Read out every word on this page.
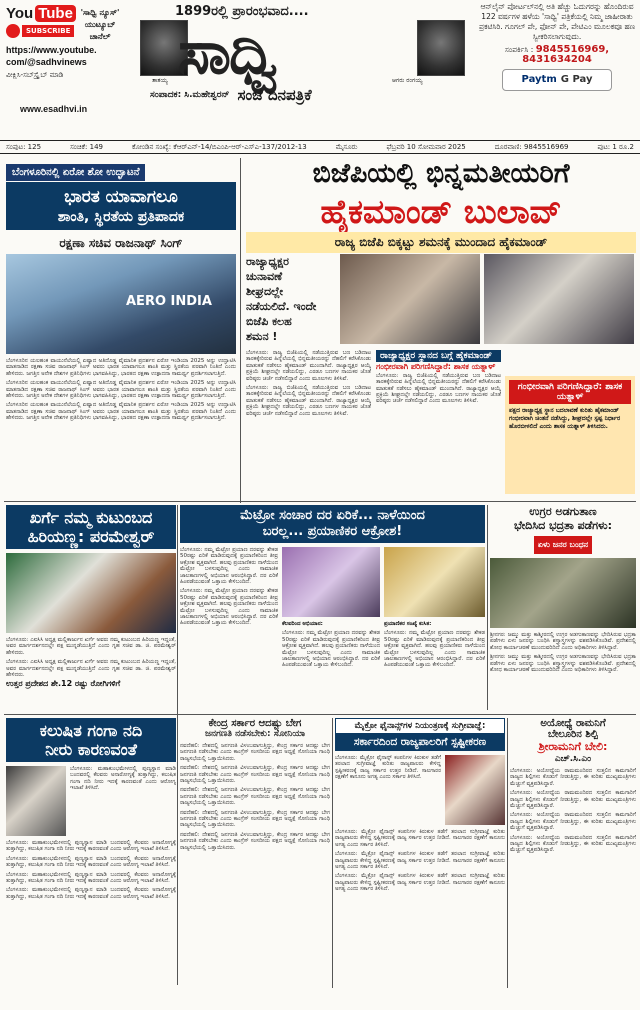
You Tube
SUBSCRIBE
'ಸಾಧ್ವಿ ನ್ಯೂಸ್'
ಯುಟ್ಯೂಬ್
ಚಾನೆಲ್
https://www.youtube.
com/@sadhvinews
ವೀಕ್ಷಿಸಿ-ಸಬ್‌ಸ್ಕ್ರೈಬ್ ಮಾಡಿ
www.esadhvi.in
1899ರಲ್ಲಿ ಪ್ರಾರಂಭವಾದ....
ತಾತಯ್ಯ ಸಾಧ್ವಿ	ಆಗರು ರಂಗಯ್ಯ
ಸಂಪಾದಕ: ಸಿ.ಮಹೇಶ್ವರನ್ ಸಂಜೆ ದಿನಪತ್ರಿಕೆ
ಆನ್‌ಲೈನ್ ಪೋರ್ಟಲ್‌ನಲ್ಲಿ ಅತಿ ಹೆಚ್ಚು ಓದುಗರನ್ನು ಹೊಂದಿರುವ 122 ವರ್ಷಗಳ ಹಳೆಯ 'ಸಾಧ್ವಿ' ಪತ್ರಿಕೆಯಲ್ಲಿ ನಿಮ್ಮ ಜಾಹೀರಾತು ಪ್ರಕಟಿಸಿರಿ. ಗೂಗಲ್ ಪೇ, ಫೋನ್ ಪೇ, ಪೇಟಿಎಂ ಮೂಲಕವೂ ಹಣ ಸ್ವೀಕರಿಸಲಾಗುವುದು.
ಸಂಪರ್ಕಿಸಿ : 9845516969,
8431634204
Paytm G Pay
ಸಂಪುಟ: 125	ಸಂಚಿಕೆ: 149	ಕೋಂಡಿನ ಸಂಖ್ಯೆ: ಕೆಆರ್‌ಎನ್-14/ಬಿಎಂಪಿ-ಆರ್-ಎಸ್ಎ-137/2012-13	ಮೈಸೂರು	ಫೆಬ್ರವರಿ 10 ಸೋಮವಾರ 2025	ದೂರವಾಣಿ: 9845516969	ಪುಟ: 1 ರೂ.2
ಬೆಂಗಳೂರಿನಲ್ಲಿ ಏರೋ ಶೋ ಉದ್ಘಾಟನೆ
ಭಾರತ ಯಾವಾಗಲೂ
ಶಾಂತಿ, ಸ್ಥಿರತೆಯ ಪ್ರತಿಪಾದಕ
ರಕ್ಷಣಾ ಸಚಿವ ರಾಜನಾಥ್ ಸಿಂಗ್
AERO INDIA

ಬೆಂಗಳೂರಿನ ಯಲಹಂಕ ವಾಯುನೆಲೆಯಲ್ಲಿ ಏಷ್ಯಾದ ಅತಿದೊಡ್ಡ ವೈಮಾನಿಕ ಪ್ರದರ್ಶನ ಏರೋ ಇಂಡಿಯಾ 2025 ಅನ್ನು ಉದ್ಘಾಟಿಸಿ ಮಾತನಾಡಿದ ರಕ್ಷಣಾ ಸಚಿವ ರಾಜನಾಥ್ ಸಿಂಗ್ ಅವರು ಭಾರತ ಯಾವಾಗಲೂ ಶಾಂತಿ ಮತ್ತು ಸ್ಥಿರತೆಯ ಪರವಾಗಿ ನಿಂತಿದೆ ಎಂದು ಹೇಳಿದರು. ಜಗತ್ತಿನ ಅನೇಕ ದೇಶಗಳ ಪ್ರತಿನಿಧಿಗಳು ಭಾಗವಹಿಸಿದ್ದು, ಭಾರತದ ರಕ್ಷಣಾ ಉತ್ಪಾದನಾ ಸಾಮರ್ಥ್ಯ ಪ್ರದರ್ಶಿಸಲಾಗುತ್ತಿದೆ.

ಬೆಂಗಳೂರಿನ ಯಲಹಂಕ ವಾಯುನೆಲೆಯಲ್ಲಿ ಏಷ್ಯಾದ ಅತಿದೊಡ್ಡ ವೈಮಾನಿಕ ಪ್ರದರ್ಶನ ಏರೋ ಇಂಡಿಯಾ 2025 ಅನ್ನು ಉದ್ಘಾಟಿಸಿ ಮಾತನಾಡಿದ ರಕ್ಷಣಾ ಸಚಿವ ರಾಜನಾಥ್ ಸಿಂಗ್ ಅವರು ಭಾರತ ಯಾವಾಗಲೂ ಶಾಂತಿ ಮತ್ತು ಸ್ಥಿರತೆಯ ಪರವಾಗಿ ನಿಂತಿದೆ ಎಂದು ಹೇಳಿದರು. ಜಗತ್ತಿನ ಅನೇಕ ದೇಶಗಳ ಪ್ರತಿನಿಧಿಗಳು ಭಾಗವಹಿಸಿದ್ದು, ಭಾರತದ ರಕ್ಷಣಾ ಉತ್ಪಾದನಾ ಸಾಮರ್ಥ್ಯ ಪ್ರದರ್ಶಿಸಲಾಗುತ್ತಿದೆ.

ಬೆಂಗಳೂರಿನ ಯಲಹಂಕ ವಾಯುನೆಲೆಯಲ್ಲಿ ಏಷ್ಯಾದ ಅತಿದೊಡ್ಡ ವೈಮಾನಿಕ ಪ್ರದರ್ಶನ ಏರೋ ಇಂಡಿಯಾ 2025 ಅನ್ನು ಉದ್ಘಾಟಿಸಿ ಮಾತನಾಡಿದ ರಕ್ಷಣಾ ಸಚಿವ ರಾಜನಾಥ್ ಸಿಂಗ್ ಅವರು ಭಾರತ ಯಾವಾಗಲೂ ಶಾಂತಿ ಮತ್ತು ಸ್ಥಿರತೆಯ ಪರವಾಗಿ ನಿಂತಿದೆ ಎಂದು ಹೇಳಿದರು. ಜಗತ್ತಿನ ಅನೇಕ ದೇಶಗಳ ಪ್ರತಿನಿಧಿಗಳು ಭಾಗವಹಿಸಿದ್ದು, ಭಾರತದ ರಕ್ಷಣಾ ಉತ್ಪಾದನಾ ಸಾಮರ್ಥ್ಯ ಪ್ರದರ್ಶಿಸಲಾಗುತ್ತಿದೆ.

ಬಿಜೆಪಿಯಲ್ಲಿ ಭಿನ್ನಮತೀಯರಿಗೆ
ಹೈಕಮಾಂಡ್ ಬುಲಾವ್
ರಾಜ್ಯ ಬಿಜೆಪಿ ಬಿಕ್ಕಟ್ಟು ಶಮನಕ್ಕೆ ಮುಂದಾದ ಹೈಕಮಾಂಡ್
ರಾಜ್ಯಾಧ್ಯಕ್ಷರ
ಚುನಾವಣೆ
ಶೀಘ್ರದಲ್ಲೇ
ನಡೆಯಲಿದೆ. ಇಂದೇ
ಬಿಜೆಪಿ ಕಲಹ
ಶಮನ !

ಬೆಂಗಳೂರು: ರಾಜ್ಯ ಬಿಜೆಪಿಯಲ್ಲಿ ನಡೆಯುತ್ತಿರುವ ಬಣ ಬಡಿದಾಟ ತಾರಕಕ್ಕೇರಿರುವ ಹಿನ್ನೆಲೆಯಲ್ಲಿ ಭಿನ್ನಮತೀಯರನ್ನು ದೆಹಲಿಗೆ ಕರೆಸಿಕೊಂಡು ಮಾತುಕತೆ ನಡೆಸಲು ಹೈಕಮಾಂಡ್ ಮುಂದಾಗಿದೆ. ರಾಜ್ಯಾಧ್ಯಕ್ಷರ ಆಯ್ಕೆ ಪ್ರಕ್ರಿಯೆ ಶೀಘ್ರದಲ್ಲೇ ನಡೆಯಲಿದ್ದು, ಎರಡೂ ಬಣಗಳ ನಾಯಕರ ಜೊತೆ ವರಿಷ್ಠರು ಚರ್ಚೆ ನಡೆಸಲಿದ್ದಾರೆ ಎಂದು ಮೂಲಗಳು ತಿಳಿಸಿವೆ.

ಬೆಂಗಳೂರು: ರಾಜ್ಯ ಬಿಜೆಪಿಯಲ್ಲಿ ನಡೆಯುತ್ತಿರುವ ಬಣ ಬಡಿದಾಟ ತಾರಕಕ್ಕೇರಿರುವ ಹಿನ್ನೆಲೆಯಲ್ಲಿ ಭಿನ್ನಮತೀಯರನ್ನು ದೆಹಲಿಗೆ ಕರೆಸಿಕೊಂಡು ಮಾತುಕತೆ ನಡೆಸಲು ಹೈಕಮಾಂಡ್ ಮುಂದಾಗಿದೆ. ರಾಜ್ಯಾಧ್ಯಕ್ಷರ ಆಯ್ಕೆ ಪ್ರಕ್ರಿಯೆ ಶೀಘ್ರದಲ್ಲೇ ನಡೆಯಲಿದ್ದು, ಎರಡೂ ಬಣಗಳ ನಾಯಕರ ಜೊತೆ ವರಿಷ್ಠರು ಚರ್ಚೆ ನಡೆಸಲಿದ್ದಾರೆ ಎಂದು ಮೂಲಗಳು ತಿಳಿಸಿವೆ.

ರಾಜ್ಯಾಧ್ಯಕ್ಷರ ಸ್ಥಾನದ ಬಗ್ಗೆ ಹೈಕಮಾಂಡ್
ಗಂಭೀರವಾಗಿ ಪರಿಗಣಿಸಿದ್ದಾರೆ: ಶಾಸಕ ಯತ್ನಾಳ್

ಬೆಂಗಳೂರು: ರಾಜ್ಯ ಬಿಜೆಪಿಯಲ್ಲಿ ನಡೆಯುತ್ತಿರುವ ಬಣ ಬಡಿದಾಟ ತಾರಕಕ್ಕೇರಿರುವ ಹಿನ್ನೆಲೆಯಲ್ಲಿ ಭಿನ್ನಮತೀಯರನ್ನು ದೆಹಲಿಗೆ ಕರೆಸಿಕೊಂಡು ಮಾತುಕತೆ ನಡೆಸಲು ಹೈಕಮಾಂಡ್ ಮುಂದಾಗಿದೆ. ರಾಜ್ಯಾಧ್ಯಕ್ಷರ ಆಯ್ಕೆ ಪ್ರಕ್ರಿಯೆ ಶೀಘ್ರದಲ್ಲೇ ನಡೆಯಲಿದ್ದು, ಎರಡೂ ಬಣಗಳ ನಾಯಕರ ಜೊತೆ ವರಿಷ್ಠರು ಚರ್ಚೆ ನಡೆಸಲಿದ್ದಾರೆ ಎಂದು ಮೂಲಗಳು ತಿಳಿಸಿವೆ.

ಗಂಭೀರವಾಗಿ ಪರಿಗಣಿಸಿದ್ದಾರೆ: ಶಾಸಕ ಯತ್ನಾಳ್
ಪಕ್ಷದ ರಾಜ್ಯಾಧ್ಯಕ್ಷ ಸ್ಥಾನ ಬದಲಾವಣೆ ಕುರಿತು ಹೈಕಮಾಂಡ್ ಗಂಭೀರವಾಗಿ ಚಿಂತನೆ ನಡೆಸಿದ್ದು, ಶೀಘ್ರದಲ್ಲೇ ಸ್ಪಷ್ಟ ನಿರ್ಧಾರ ಹೊರಬೀಳಲಿದೆ ಎಂದು ಶಾಸಕ ಯತ್ನಾಳ್ ತಿಳಿಸಿದರು.
ಖರ್ಗೆ ನಮ್ಮ ಕುಟುಂಬದ
ಹಿರಿಯಣ್ಣ: ಪರಮೇಶ್ವರ್

ಬೆಂಗಳೂರು: ಎಐಸಿಸಿ ಅಧ್ಯಕ್ಷ ಮಲ್ಲಿಕಾರ್ಜುನ ಖರ್ಗೆ ಅವರು ನಮ್ಮ ಕುಟುಂಬದ ಹಿರಿಯಣ್ಣ ಇದ್ದಂತೆ, ಅವರ ಮಾರ್ಗದರ್ಶನದಲ್ಲೇ ಪಕ್ಷ ಮುನ್ನಡೆಯುತ್ತಿದೆ ಎಂದು ಗೃಹ ಸಚಿವ ಡಾ. ಜಿ. ಪರಮೇಶ್ವರ್ ಹೇಳಿದರು.

ಬೆಂಗಳೂರು: ಎಐಸಿಸಿ ಅಧ್ಯಕ್ಷ ಮಲ್ಲಿಕಾರ್ಜುನ ಖರ್ಗೆ ಅವರು ನಮ್ಮ ಕುಟುಂಬದ ಹಿರಿಯಣ್ಣ ಇದ್ದಂತೆ, ಅವರ ಮಾರ್ಗದರ್ಶನದಲ್ಲೇ ಪಕ್ಷ ಮುನ್ನಡೆಯುತ್ತಿದೆ ಎಂದು ಗೃಹ ಸಚಿವ ಡಾ. ಜಿ. ಪರಮೇಶ್ವರ್ ಹೇಳಿದರು.

ಉತ್ತರ ಪ್ರದೇಶದ ಶೇ.12 ರಷ್ಟು ರೋಗಿಗಳಿಗೆ

ಮೆಟ್ರೋ ಸಂಚಾರ ದರ ಏರಿಕೆ... ನಾಳೆಯಿಂದ
ಬರಲ್ಲ... ಪ್ರಯಾಣಿಕರ ಆಕ್ರೋಶ!

ಬೆಂಗಳೂರು: ನಮ್ಮ ಮೆಟ್ರೋ ಪ್ರಯಾಣ ದರವನ್ನು ಶೇಕಡ 50ರಷ್ಟು ಏರಿಕೆ ಮಾಡಿರುವುದಕ್ಕೆ ಪ್ರಯಾಣಿಕರಿಂದ ತೀವ್ರ ಆಕ್ರೋಶ ವ್ಯಕ್ತವಾಗಿದೆ. ಹಲವು ಪ್ರಯಾಣಿಕರು ನಾಳೆಯಿಂದ ಮೆಟ್ರೋ ಬಳಸುವುದಿಲ್ಲ ಎಂದು ಸಾಮಾಜಿಕ ಜಾಲತಾಣಗಳಲ್ಲಿ ಅಭಿಯಾನ ಆರಂಭಿಸಿದ್ದಾರೆ. ದರ ಏರಿಕೆ ಹಿಂಪಡೆಯುವಂತೆ ಒತ್ತಾಯ ಕೇಳಿಬಂದಿದೆ.

ಬೆಂಗಳೂರು: ನಮ್ಮ ಮೆಟ್ರೋ ಪ್ರಯಾಣ ದರವನ್ನು ಶೇಕಡ 50ರಷ್ಟು ಏರಿಕೆ ಮಾಡಿರುವುದಕ್ಕೆ ಪ್ರಯಾಣಿಕರಿಂದ ತೀವ್ರ ಆಕ್ರೋಶ ವ್ಯಕ್ತವಾಗಿದೆ. ಹಲವು ಪ್ರಯಾಣಿಕರು ನಾಳೆಯಿಂದ ಮೆಟ್ರೋ ಬಳಸುವುದಿಲ್ಲ ಎಂದು ಸಾಮಾಜಿಕ ಜಾಲತಾಣಗಳಲ್ಲಿ ಅಭಿಯಾನ ಆರಂಭಿಸಿದ್ದಾರೆ. ದರ ಏರಿಕೆ ಹಿಂಪಡೆಯುವಂತೆ ಒತ್ತಾಯ ಕೇಳಿಬಂದಿದೆ.	ಕೆಲವರಿಂದ ಅಭಿಯಾನ:

ಬೆಂಗಳೂರು: ನಮ್ಮ ಮೆಟ್ರೋ ಪ್ರಯಾಣ ದರವನ್ನು ಶೇಕಡ 50ರಷ್ಟು ಏರಿಕೆ ಮಾಡಿರುವುದಕ್ಕೆ ಪ್ರಯಾಣಿಕರಿಂದ ತೀವ್ರ ಆಕ್ರೋಶ ವ್ಯಕ್ತವಾಗಿದೆ. ಹಲವು ಪ್ರಯಾಣಿಕರು ನಾಳೆಯಿಂದ ಮೆಟ್ರೋ ಬಳಸುವುದಿಲ್ಲ ಎಂದು ಸಾಮಾಜಿಕ ಜಾಲತಾಣಗಳಲ್ಲಿ ಅಭಿಯಾನ ಆರಂಭಿಸಿದ್ದಾರೆ. ದರ ಏರಿಕೆ ಹಿಂಪಡೆಯುವಂತೆ ಒತ್ತಾಯ ಕೇಳಿಬಂದಿದೆ.

ಪ್ರಯಾಣಿಕರ ಸಂಖ್ಯೆ ಕುಸಿತ:

ಬೆಂಗಳೂರು: ನಮ್ಮ ಮೆಟ್ರೋ ಪ್ರಯಾಣ ದರವನ್ನು ಶೇಕಡ 50ರಷ್ಟು ಏರಿಕೆ ಮಾಡಿರುವುದಕ್ಕೆ ಪ್ರಯಾಣಿಕರಿಂದ ತೀವ್ರ ಆಕ್ರೋಶ ವ್ಯಕ್ತವಾಗಿದೆ. ಹಲವು ಪ್ರಯಾಣಿಕರು ನಾಳೆಯಿಂದ ಮೆಟ್ರೋ ಬಳಸುವುದಿಲ್ಲ ಎಂದು ಸಾಮಾಜಿಕ ಜಾಲತಾಣಗಳಲ್ಲಿ ಅಭಿಯಾನ ಆರಂಭಿಸಿದ್ದಾರೆ. ದರ ಏರಿಕೆ ಹಿಂಪಡೆಯುವಂತೆ ಒತ್ತಾಯ ಕೇಳಿಬಂದಿದೆ.

ಉಗ್ರರ ಅಡಗುತಾಣ
ಭೇದಿಸಿದ ಭದ್ರತಾ ಪಡೆಗಳು:
ಏಳು ಜನರ ಬಂಧನ

ಶ್ರೀನಗರ: ಜಮ್ಮು ಮತ್ತು ಕಾಶ್ಮೀರದಲ್ಲಿ ಉಗ್ರರ ಅಡಗುತಾಣವನ್ನು ಭೇದಿಸಿರುವ ಭದ್ರತಾ ಪಡೆಗಳು ಏಳು ಜನರನ್ನು ಬಂಧಿಸಿ ಶಸ್ತ್ರಾಸ್ತ್ರಗಳನ್ನು ವಶಪಡಿಸಿಕೊಂಡಿವೆ. ಪ್ರದೇಶದಲ್ಲಿ ಶೋಧ ಕಾರ್ಯಾಚರಣೆ ಮುಂದುವರಿದಿದೆ ಎಂದು ಅಧಿಕಾರಿಗಳು ತಿಳಿಸಿದ್ದಾರೆ.

ಶ್ರೀನಗರ: ಜಮ್ಮು ಮತ್ತು ಕಾಶ್ಮೀರದಲ್ಲಿ ಉಗ್ರರ ಅಡಗುತಾಣವನ್ನು ಭೇದಿಸಿರುವ ಭದ್ರತಾ ಪಡೆಗಳು ಏಳು ಜನರನ್ನು ಬಂಧಿಸಿ ಶಸ್ತ್ರಾಸ್ತ್ರಗಳನ್ನು ವಶಪಡಿಸಿಕೊಂಡಿವೆ. ಪ್ರದೇಶದಲ್ಲಿ ಶೋಧ ಕಾರ್ಯಾಚರಣೆ ಮುಂದುವರಿದಿದೆ ಎಂದು ಅಧಿಕಾರಿಗಳು ತಿಳಿಸಿದ್ದಾರೆ.

ಕಲುಷಿತ ಗಂಗಾ ನದಿ
ನೀರು ಕಾರಣವಂತೆ

ಬೆಂಗಳೂರು: ಮಹಾಕುಂಭಮೇಳದಲ್ಲಿ ಪುಣ್ಯಸ್ನಾನ ಮಾಡಿ ಬಂದವರಲ್ಲಿ ಕೆಲವರು ಅನಾರೋಗ್ಯಕ್ಕೆ ತುತ್ತಾಗಿದ್ದು, ಕಲುಷಿತ ಗಂಗಾ ನದಿ ನೀರು ಇದಕ್ಕೆ ಕಾರಣವಂತೆ ಎಂದು ಆರೋಗ್ಯ ಇಲಾಖೆ ತಿಳಿಸಿದೆ.

ಬೆಂಗಳೂರು: ಮಹಾಕುಂಭಮೇಳದಲ್ಲಿ ಪುಣ್ಯಸ್ನಾನ ಮಾಡಿ ಬಂದವರಲ್ಲಿ ಕೆಲವರು ಅನಾರೋಗ್ಯಕ್ಕೆ ತುತ್ತಾಗಿದ್ದು, ಕಲುಷಿತ ಗಂಗಾ ನದಿ ನೀರು ಇದಕ್ಕೆ ಕಾರಣವಂತೆ ಎಂದು ಆರೋಗ್ಯ ಇಲಾಖೆ ತಿಳಿಸಿದೆ.

ಬೆಂಗಳೂರು: ಮಹಾಕುಂಭಮೇಳದಲ್ಲಿ ಪುಣ್ಯಸ್ನಾನ ಮಾಡಿ ಬಂದವರಲ್ಲಿ ಕೆಲವರು ಅನಾರೋಗ್ಯಕ್ಕೆ ತುತ್ತಾಗಿದ್ದು, ಕಲುಷಿತ ಗಂಗಾ ನದಿ ನೀರು ಇದಕ್ಕೆ ಕಾರಣವಂತೆ ಎಂದು ಆರೋಗ್ಯ ಇಲಾಖೆ ತಿಳಿಸಿದೆ.

ಬೆಂಗಳೂರು: ಮಹಾಕುಂಭಮೇಳದಲ್ಲಿ ಪುಣ್ಯಸ್ನಾನ ಮಾಡಿ ಬಂದವರಲ್ಲಿ ಕೆಲವರು ಅನಾರೋಗ್ಯಕ್ಕೆ ತುತ್ತಾಗಿದ್ದು, ಕಲುಷಿತ ಗಂಗಾ ನದಿ ನೀರು ಇದಕ್ಕೆ ಕಾರಣವಂತೆ ಎಂದು ಆರೋಗ್ಯ ಇಲಾಖೆ ತಿಳಿಸಿದೆ.

ಬೆಂಗಳೂರು: ಮಹಾಕುಂಭಮೇಳದಲ್ಲಿ ಪುಣ್ಯಸ್ನಾನ ಮಾಡಿ ಬಂದವರಲ್ಲಿ ಕೆಲವರು ಅನಾರೋಗ್ಯಕ್ಕೆ ತುತ್ತಾಗಿದ್ದು, ಕಲುಷಿತ ಗಂಗಾ ನದಿ ನೀರು ಇದಕ್ಕೆ ಕಾರಣವಂತೆ ಎಂದು ಆರೋಗ್ಯ ಇಲಾಖೆ ತಿಳಿಸಿದೆ.

ಕೇಂದ್ರ ಸರ್ಕಾರ ಆದಷ್ಟು ಬೇಗ
ಜನಗಣತಿ ನಡೆಸಬೇಕು: ಸೋನಿಯಾ

ನವದೆಹಲಿ: ದೇಶದಲ್ಲಿ ಜನಗಣತಿ ವಿಳಂಬವಾಗುತ್ತಿದ್ದು, ಕೇಂದ್ರ ಸರ್ಕಾರ ಆದಷ್ಟು ಬೇಗ ಜನಗಣತಿ ನಡೆಸಬೇಕು ಎಂದು ಕಾಂಗ್ರೆಸ್ ಸಂಸದೀಯ ಪಕ್ಷದ ಅಧ್ಯಕ್ಷೆ ಸೋನಿಯಾ ಗಾಂಧಿ ರಾಜ್ಯಸಭೆಯಲ್ಲಿ ಒತ್ತಾಯಿಸಿದರು.

ನವದೆಹಲಿ: ದೇಶದಲ್ಲಿ ಜನಗಣತಿ ವಿಳಂಬವಾಗುತ್ತಿದ್ದು, ಕೇಂದ್ರ ಸರ್ಕಾರ ಆದಷ್ಟು ಬೇಗ ಜನಗಣತಿ ನಡೆಸಬೇಕು ಎಂದು ಕಾಂಗ್ರೆಸ್ ಸಂಸದೀಯ ಪಕ್ಷದ ಅಧ್ಯಕ್ಷೆ ಸೋನಿಯಾ ಗಾಂಧಿ ರಾಜ್ಯಸಭೆಯಲ್ಲಿ ಒತ್ತಾಯಿಸಿದರು.

ನವದೆಹಲಿ: ದೇಶದಲ್ಲಿ ಜನಗಣತಿ ವಿಳಂಬವಾಗುತ್ತಿದ್ದು, ಕೇಂದ್ರ ಸರ್ಕಾರ ಆದಷ್ಟು ಬೇಗ ಜನಗಣತಿ ನಡೆಸಬೇಕು ಎಂದು ಕಾಂಗ್ರೆಸ್ ಸಂಸದೀಯ ಪಕ್ಷದ ಅಧ್ಯಕ್ಷೆ ಸೋನಿಯಾ ಗಾಂಧಿ ರಾಜ್ಯಸಭೆಯಲ್ಲಿ ಒತ್ತಾಯಿಸಿದರು.

ನವದೆಹಲಿ: ದೇಶದಲ್ಲಿ ಜನಗಣತಿ ವಿಳಂಬವಾಗುತ್ತಿದ್ದು, ಕೇಂದ್ರ ಸರ್ಕಾರ ಆದಷ್ಟು ಬೇಗ ಜನಗಣತಿ ನಡೆಸಬೇಕು ಎಂದು ಕಾಂಗ್ರೆಸ್ ಸಂಸದೀಯ ಪಕ್ಷದ ಅಧ್ಯಕ್ಷೆ ಸೋನಿಯಾ ಗಾಂಧಿ ರಾಜ್ಯಸಭೆಯಲ್ಲಿ ಒತ್ತಾಯಿಸಿದರು.

ನವದೆಹಲಿ: ದೇಶದಲ್ಲಿ ಜನಗಣತಿ ವಿಳಂಬವಾಗುತ್ತಿದ್ದು, ಕೇಂದ್ರ ಸರ್ಕಾರ ಆದಷ್ಟು ಬೇಗ ಜನಗಣತಿ ನಡೆಸಬೇಕು ಎಂದು ಕಾಂಗ್ರೆಸ್ ಸಂಸದೀಯ ಪಕ್ಷದ ಅಧ್ಯಕ್ಷೆ ಸೋನಿಯಾ ಗಾಂಧಿ ರಾಜ್ಯಸಭೆಯಲ್ಲಿ ಒತ್ತಾಯಿಸಿದರು.

ಮೈಕ್ರೋ ಫೈನಾನ್ಸ್‌ಗಳ ನಿಯಂತ್ರಣಕ್ಕೆ ಸುಗ್ರೀವಾಜ್ಞೆ:
ಸರ್ಕಾರದಿಂದ ರಾಜ್ಯಪಾಲರಿಗೆ ಸ್ಪಷ್ಟೀಕರಣ

ಬೆಂಗಳೂರು: ಮೈಕ್ರೋ ಫೈನಾನ್ಸ್ ಕಂಪನಿಗಳ ಕಿರುಕುಳ ತಡೆಗೆ ತರಲಾದ ಸುಗ್ರೀವಾಜ್ಞೆ ಕುರಿತು ರಾಜ್ಯಪಾಲರು ಕೇಳಿದ್ದ ಸ್ಪಷ್ಟೀಕರಣಕ್ಕೆ ರಾಜ್ಯ ಸರ್ಕಾರ ಉತ್ತರ ನೀಡಿದೆ. ಸಾಲಗಾರರ ರಕ್ಷಣೆಗೆ ಕಾನೂನು ಅಗತ್ಯ ಎಂದು ಸರ್ಕಾರ ತಿಳಿಸಿದೆ.

ಬೆಂಗಳೂರು: ಮೈಕ್ರೋ ಫೈನಾನ್ಸ್ ಕಂಪನಿಗಳ ಕಿರುಕುಳ ತಡೆಗೆ ತರಲಾದ ಸುಗ್ರೀವಾಜ್ಞೆ ಕುರಿತು ರಾಜ್ಯಪಾಲರು ಕೇಳಿದ್ದ ಸ್ಪಷ್ಟೀಕರಣಕ್ಕೆ ರಾಜ್ಯ ಸರ್ಕಾರ ಉತ್ತರ ನೀಡಿದೆ. ಸಾಲಗಾರರ ರಕ್ಷಣೆಗೆ ಕಾನೂನು ಅಗತ್ಯ ಎಂದು ಸರ್ಕಾರ ತಿಳಿಸಿದೆ.

ಬೆಂಗಳೂರು: ಮೈಕ್ರೋ ಫೈನಾನ್ಸ್ ಕಂಪನಿಗಳ ಕಿರುಕುಳ ತಡೆಗೆ ತರಲಾದ ಸುಗ್ರೀವಾಜ್ಞೆ ಕುರಿತು ರಾಜ್ಯಪಾಲರು ಕೇಳಿದ್ದ ಸ್ಪಷ್ಟೀಕರಣಕ್ಕೆ ರಾಜ್ಯ ಸರ್ಕಾರ ಉತ್ತರ ನೀಡಿದೆ. ಸಾಲಗಾರರ ರಕ್ಷಣೆಗೆ ಕಾನೂನು ಅಗತ್ಯ ಎಂದು ಸರ್ಕಾರ ತಿಳಿಸಿದೆ.

ಬೆಂಗಳೂರು: ಮೈಕ್ರೋ ಫೈನಾನ್ಸ್ ಕಂಪನಿಗಳ ಕಿರುಕುಳ ತಡೆಗೆ ತರಲಾದ ಸುಗ್ರೀವಾಜ್ಞೆ ಕುರಿತು ರಾಜ್ಯಪಾಲರು ಕೇಳಿದ್ದ ಸ್ಪಷ್ಟೀಕರಣಕ್ಕೆ ರಾಜ್ಯ ಸರ್ಕಾರ ಉತ್ತರ ನೀಡಿದೆ. ಸಾಲಗಾರರ ರಕ್ಷಣೆಗೆ ಕಾನೂನು ಅಗತ್ಯ ಎಂದು ಸರ್ಕಾರ ತಿಳಿಸಿದೆ.

ಅಯೋಧ್ಯೆ ರಾಮನಿಗೆ
ಬೇಲೂರಿನ ಶಿಲ್ಪಿ
ಶ್ರೀರಾಮನಿಗೆ ಬೇಲಿ:
ಎಚ್.ಸಿ.ಎಂ

ಬೆಂಗಳೂರು: ಅಯೋಧ್ಯೆಯ ರಾಮಮಂದಿರದ ಸುತ್ತಲಿನ ಕಾಮಗಾರಿಗೆ ರಾಜ್ಯದ ಶಿಲ್ಪಿಗಳು ಕೊಡುಗೆ ನೀಡುತ್ತಿದ್ದು, ಈ ಕುರಿತು ಮುಖ್ಯಮಂತ್ರಿಗಳು ಮೆಚ್ಚುಗೆ ವ್ಯಕ್ತಪಡಿಸಿದ್ದಾರೆ.

ಬೆಂಗಳೂರು: ಅಯೋಧ್ಯೆಯ ರಾಮಮಂದಿರದ ಸುತ್ತಲಿನ ಕಾಮಗಾರಿಗೆ ರಾಜ್ಯದ ಶಿಲ್ಪಿಗಳು ಕೊಡುಗೆ ನೀಡುತ್ತಿದ್ದು, ಈ ಕುರಿತು ಮುಖ್ಯಮಂತ್ರಿಗಳು ಮೆಚ್ಚುಗೆ ವ್ಯಕ್ತಪಡಿಸಿದ್ದಾರೆ.

ಬೆಂಗಳೂರು: ಅಯೋಧ್ಯೆಯ ರಾಮಮಂದಿರದ ಸುತ್ತಲಿನ ಕಾಮಗಾರಿಗೆ ರಾಜ್ಯದ ಶಿಲ್ಪಿಗಳು ಕೊಡುಗೆ ನೀಡುತ್ತಿದ್ದು, ಈ ಕುರಿತು ಮುಖ್ಯಮಂತ್ರಿಗಳು ಮೆಚ್ಚುಗೆ ವ್ಯಕ್ತಪಡಿಸಿದ್ದಾರೆ.

ಬೆಂಗಳೂರು: ಅಯೋಧ್ಯೆಯ ರಾಮಮಂದಿರದ ಸುತ್ತಲಿನ ಕಾಮಗಾರಿಗೆ ರಾಜ್ಯದ ಶಿಲ್ಪಿಗಳು ಕೊಡುಗೆ ನೀಡುತ್ತಿದ್ದು, ಈ ಕುರಿತು ಮುಖ್ಯಮಂತ್ರಿಗಳು ಮೆಚ್ಚುಗೆ ವ್ಯಕ್ತಪಡಿಸಿದ್ದಾರೆ.
